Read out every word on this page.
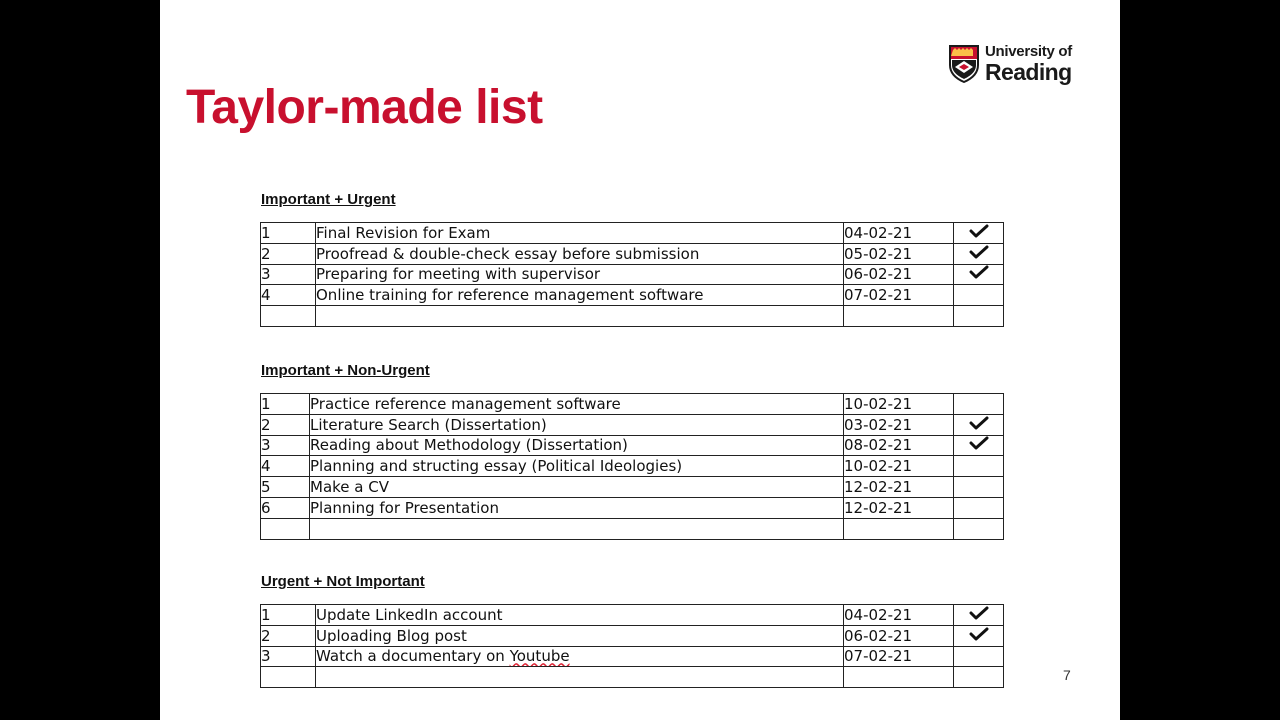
Taylor-made list
University of
Reading
Important + Urgent
1	Final Revision for Exam	04-02-21	
2	Proofread & double-check essay before submission	05-02-21	
3	Preparing for meeting with supervisor	06-02-21	
4	Online training for reference management software	07-02-21	

Important + Non-Urgent
1	Practice reference management software	10-02-21	
2	Literature Search (Dissertation)	03-02-21	
3	Reading about Methodology (Dissertation)	08-02-21	
4	Planning and structing essay (Political Ideologies)	10-02-21	
5	Make a CV	12-02-21	
6	Planning for Presentation	12-02-21	

Urgent + Not Important
1	Update LinkedIn account	04-02-21	
2	Uploading Blog post	06-02-21	
3	Watch a documentary on Youtube	07-02-21	

7
